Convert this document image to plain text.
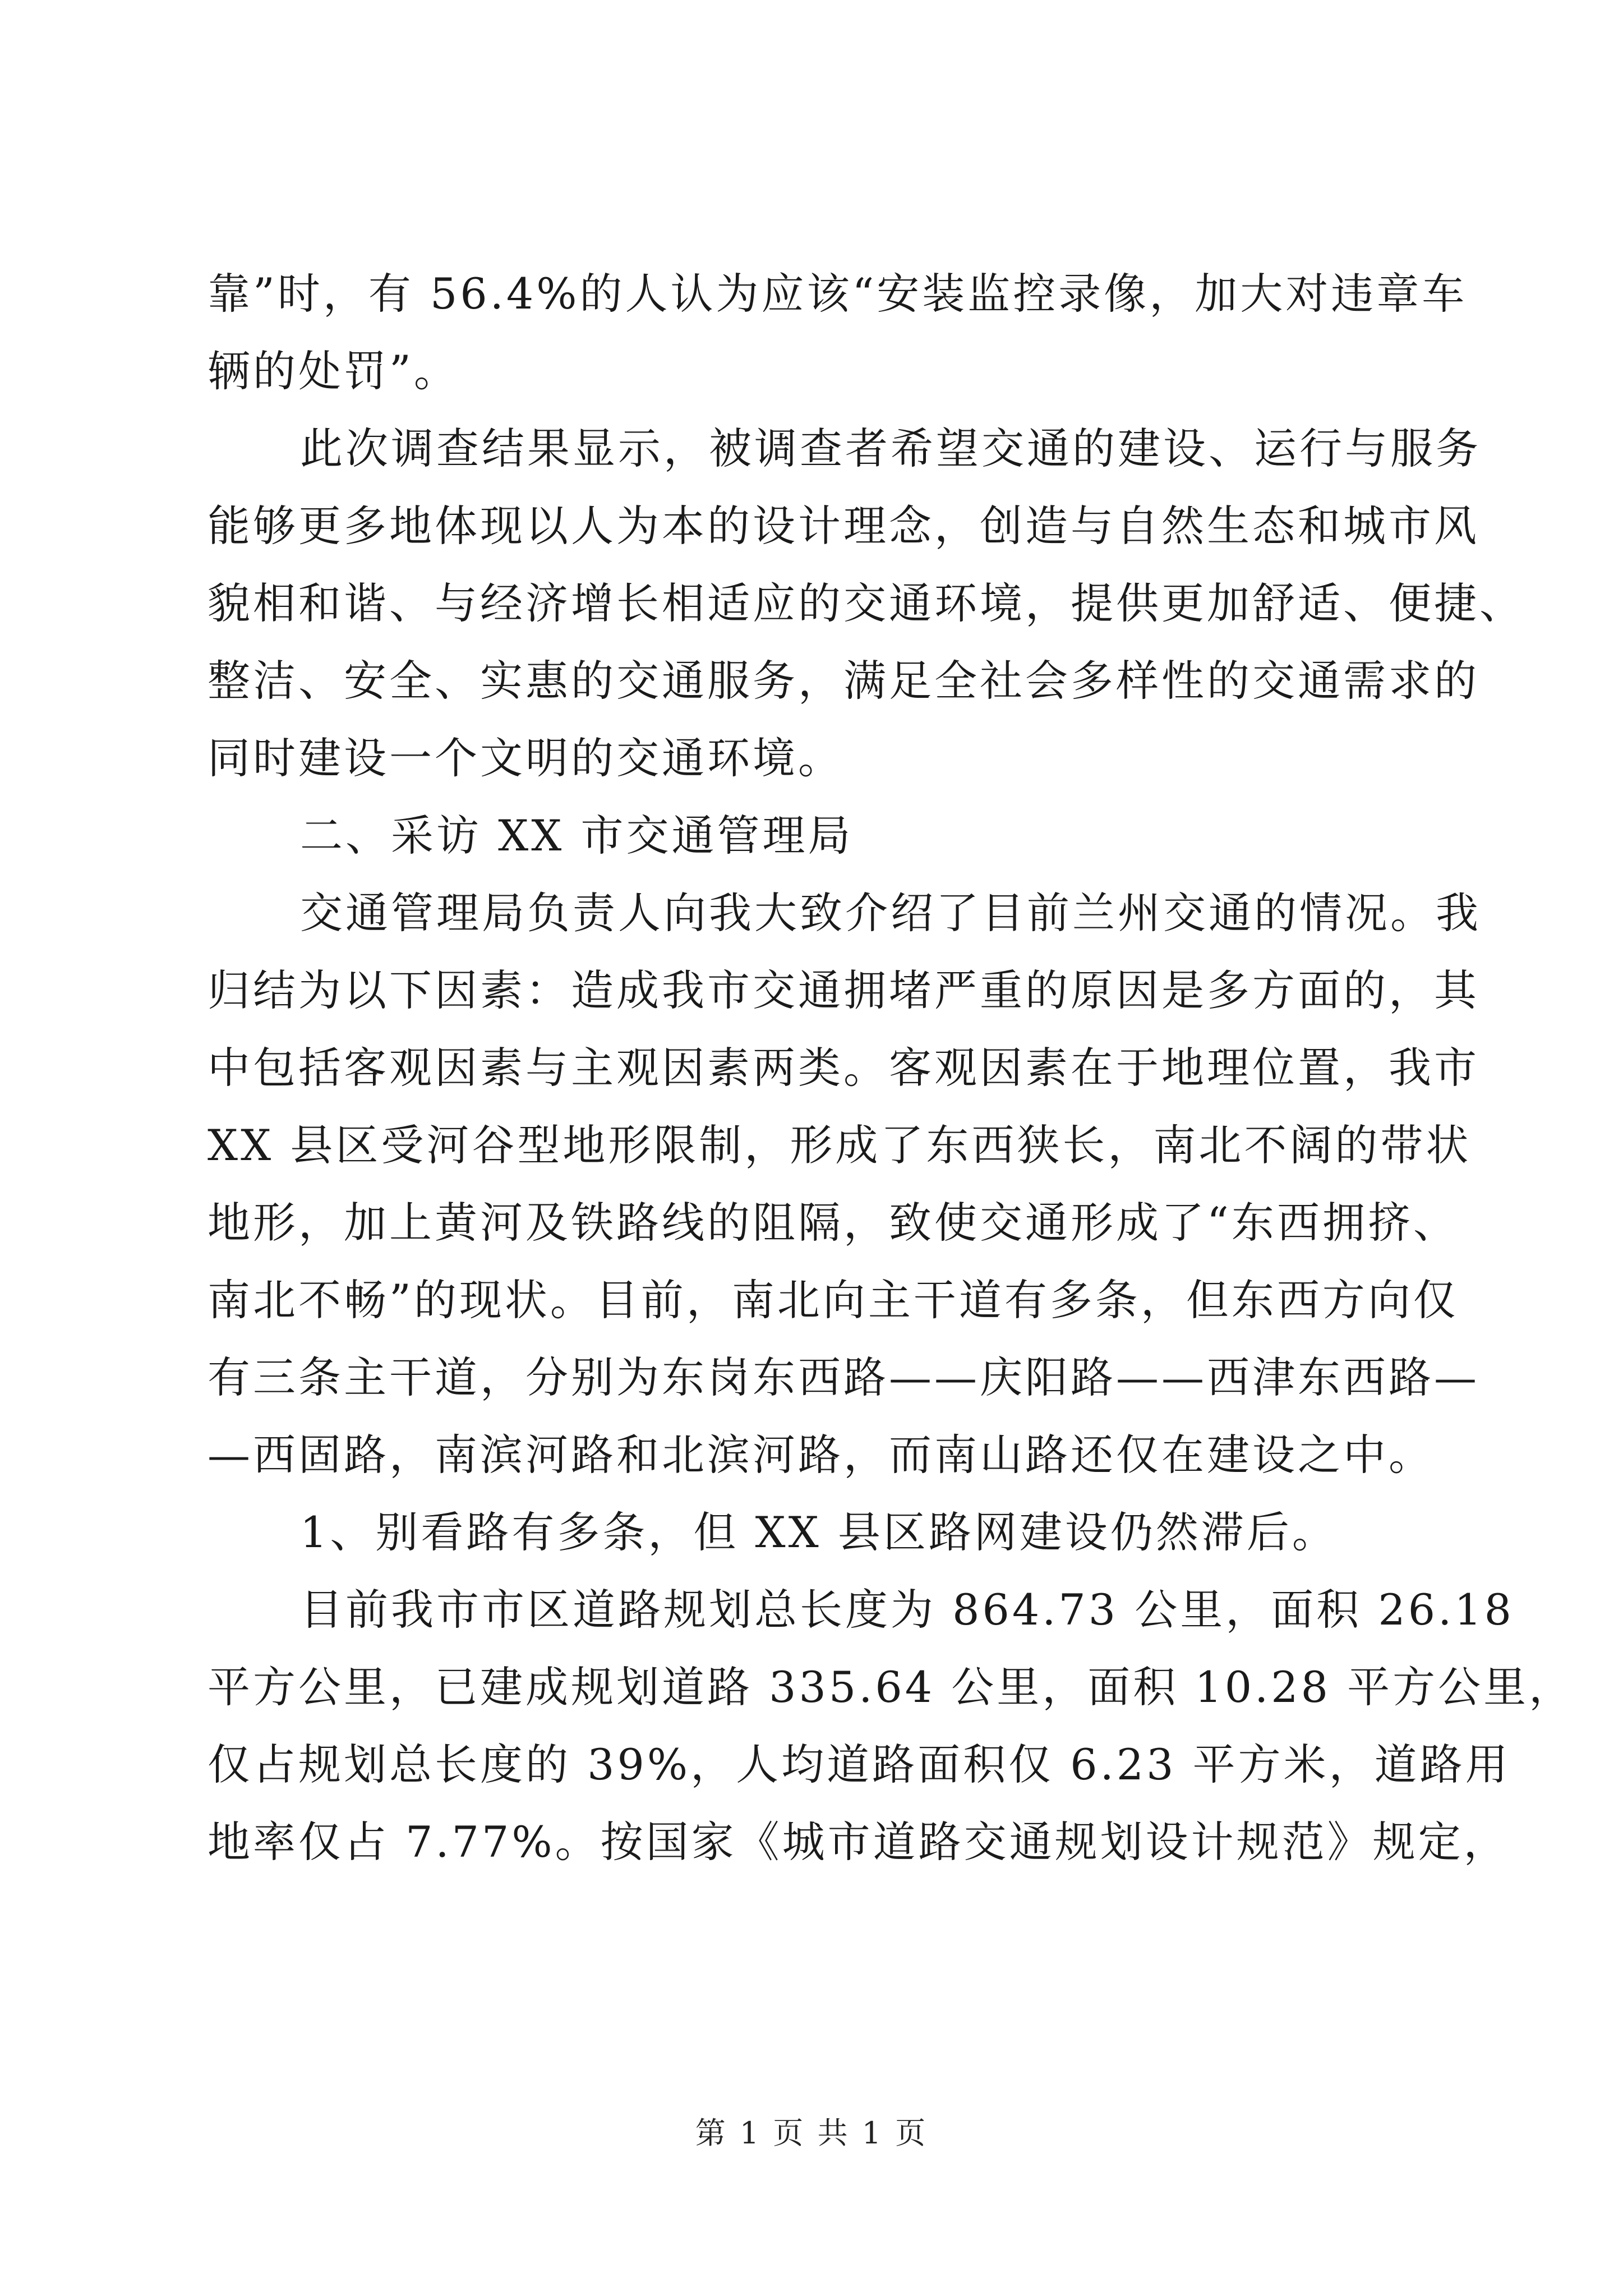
靠”时，有 56.4%的人认为应该“安装监控录像，加大对违章车
辆的处罚”。
此次调查结果显示，被调查者希望交通的建设、运行与服务
能够更多地体现以人为本的设计理念，创造与自然生态和城市风
貌相和谐、与经济增长相适应的交通环境，提供更加舒适、便捷、
整洁、安全、实惠的交通服务，满足全社会多样性的交通需求的
同时建设一个文明的交通环境。
二、采访 XX 市交通管理局
交通管理局负责人向我大致介绍了目前兰州交通的情况。我
归结为以下因素：造成我市交通拥堵严重的原因是多方面的，其
中包括客观因素与主观因素两类。客观因素在于地理位置，我市
XX 县区受河谷型地形限制，形成了东西狭长，南北不阔的带状
地形，加上黄河及铁路线的阻隔，致使交通形成了“东西拥挤、
南北不畅”的现状。目前，南北向主干道有多条，但东西方向仅
有三条主干道，分别为东岗东西路——庆阳路——西津东西路—
—西固路，南滨河路和北滨河路，而南山路还仅在建设之中。
1、别看路有多条，但 XX 县区路网建设仍然滞后。
目前我市市区道路规划总长度为 864.73 公里，面积 26.18
平方公里，已建成规划道路 335.64 公里，面积 10.28 平方公里，
仅占规划总长度的 39%，人均道路面积仅 6.23 平方米，道路用
地率仅占 7.77%。按国家《城市道路交通规划设计规范》规定，
第 1 页 共 1 页
